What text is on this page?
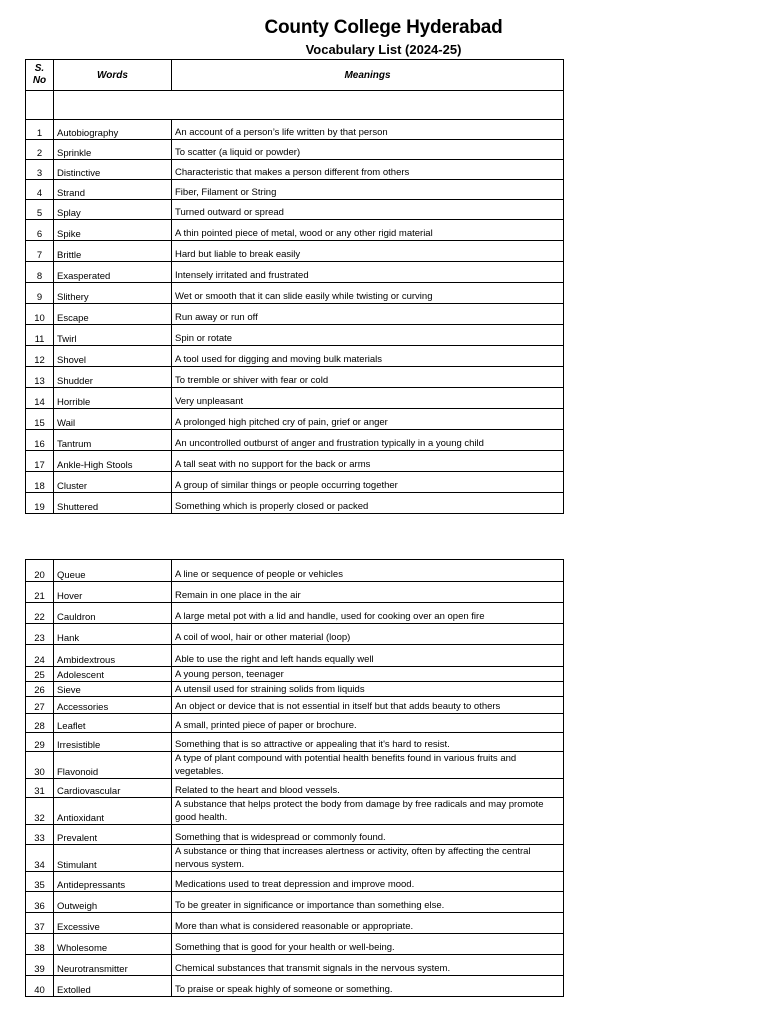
County College Hyderabad
Vocabulary List (2024-25)
S. No	Words	Meanings

1	Autobiography	An account of a person’s life written by that person

2	Sprinkle	To scatter (a liquid or powder)

3	Distinctive	Characteristic that makes a person different from others

4	Strand	Fiber, Filament or String

5	Splay	Turned outward or spread

6	Spike	A thin pointed piece of metal, wood or any other rigid material

7	Brittle	Hard but liable to break easily

8	Exasperated	Intensely irritated and frustrated

9	Slithery	Wet or smooth that it can slide easily while twisting or curving

10	Escape	Run away or run off

11	Twirl	Spin or rotate

12	Shovel	A tool used for digging and moving bulk materials

13	Shudder	To tremble or shiver with fear or cold

14	Horrible	Very unpleasant

15	Wail	A prolonged high pitched cry of pain, grief or anger

16	Tantrum	An uncontrolled outburst of anger and frustration typically in a young child

17	Ankle-High Stools	A tall seat with no support for the back or arms

18	Cluster	A group of similar things or people occurring together

19	Shuttered	Something which is properly closed or packed
20	Queue	A line or sequence of people or vehicles

21	Hover	Remain in one place in the air

22	Cauldron	A large metal pot with a lid and handle, used for cooking over an open fire

23	Hank	A coil of wool, hair or other material (loop)

24	Ambidextrous	Able to use the right and left hands equally well

25	Adolescent	A young person, teenager

26	Sieve	A utensil used for straining solids from liquids

27	Accessories	An object or device that is not essential in itself but that adds beauty to others

28	Leaflet	A small, printed piece of paper or brochure.

29	Irresistible	Something that is so attractive or appealing that it's hard to resist.

30	Flavonoid	A type of plant compound with potential health benefits found in various fruits and vegetables.

31	Cardiovascular	Related to the heart and blood vessels.

32	Antioxidant	A substance that helps protect the body from damage by free radicals and may promote good health.

33	Prevalent	Something that is widespread or commonly found.

34	Stimulant	A substance or thing that increases alertness or activity, often by affecting the central nervous system.

35	Antidepressants	Medications used to treat depression and improve mood.

36	Outweigh	To be greater in significance or importance than something else.

37	Excessive	More than what is considered reasonable or appropriate.

38	Wholesome	Something that is good for your health or well-being.

39	Neurotransmitter	Chemical substances that transmit signals in the nervous system.

40	Extolled	To praise or speak highly of someone or something.
